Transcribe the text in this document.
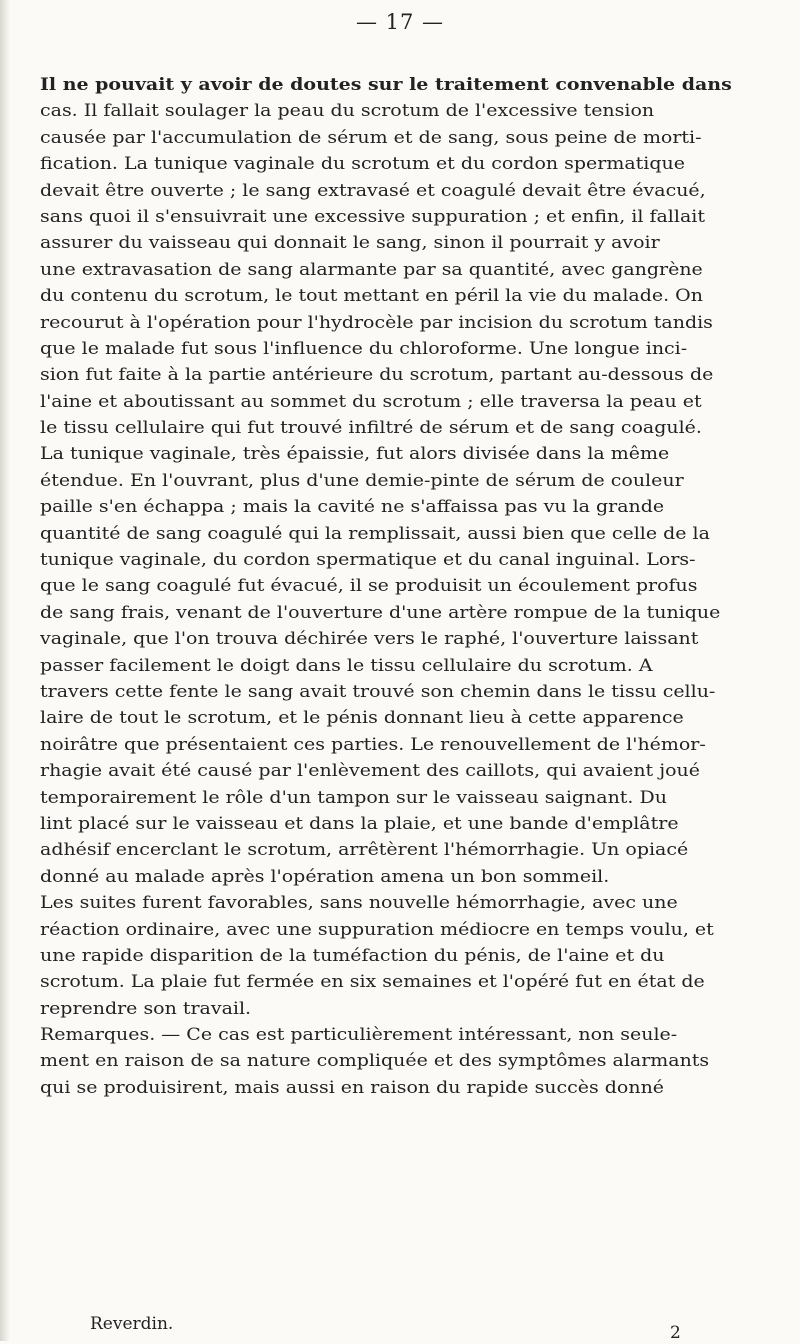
— 17 —
Il ne pouvait y avoir de doutes sur le traitement convenable dans
cas. Il fallait soulager la peau du scrotum de l'excessive tension
causée par l'accumulation de sérum et de sang, sous peine de morti-
fication. La tunique vaginale du scrotum et du cordon spermatique
devait être ouverte ; le sang extravasé et coagulé devait être évacué,
sans quoi il s'ensuivrait une excessive suppuration ; et enfin, il fallait
assurer du vaisseau qui donnait le sang, sinon il pourrait y avoir
une extravasation de sang alarmante par sa quantité, avec gangrène
du contenu du scrotum, le tout mettant en péril la vie du malade. On
recourut à l'opération pour l'hydrocèle par incision du scrotum tandis
que le malade fut sous l'influence du chloroforme. Une longue inci-
sion fut faite à la partie antérieure du scrotum, partant au-dessous de
l'aine et aboutissant au sommet du scrotum ; elle traversa la peau et
le tissu cellulaire qui fut trouvé infiltré de sérum et de sang coagulé.
La tunique vaginale, très épaissie, fut alors divisée dans la même
étendue. En l'ouvrant, plus d'une demie-pinte de sérum de couleur
paille s'en échappa ; mais la cavité ne s'affaissa pas vu la grande
quantité de sang coagulé qui la remplissait, aussi bien que celle de la
tunique vaginale, du cordon spermatique et du canal inguinal. Lors-
que le sang coagulé fut évacué, il se produisit un écoulement profus
de sang frais, venant de l'ouverture d'une artère rompue de la tunique
vaginale, que l'on trouva déchirée vers le raphé, l'ouverture laissant
passer facilement le doigt dans le tissu cellulaire du scrotum. A
travers cette fente le sang avait trouvé son chemin dans le tissu cellu-
laire de tout le scrotum, et le pénis donnant lieu à cette apparence
noirâtre que présentaient ces parties. Le renouvellement de l'hémor-
rhagie avait été causé par l'enlèvement des caillots, qui avaient joué
temporairement le rôle d'un tampon sur le vaisseau saignant. Du
lint placé sur le vaisseau et dans la plaie, et une bande d'emplâtre
adhésif encerclant le scrotum, arrêtèrent l'hémorrhagie. Un opiacé
donné au malade après l'opération amena un bon sommeil.
Les suites furent favorables, sans nouvelle hémorrhagie, avec une
réaction ordinaire, avec une suppuration médiocre en temps voulu, et
une rapide disparition de la tuméfaction du pénis, de l'aine et du
scrotum. La plaie fut fermée en six semaines et l'opéré fut en état de
reprendre son travail.
Remarques. — Ce cas est particulièrement intéressant, non seule-
ment en raison de sa nature compliquée et des symptômes alarmants
qui se produisirent, mais aussi en raison du rapide succès donné
Reverdin.	2
